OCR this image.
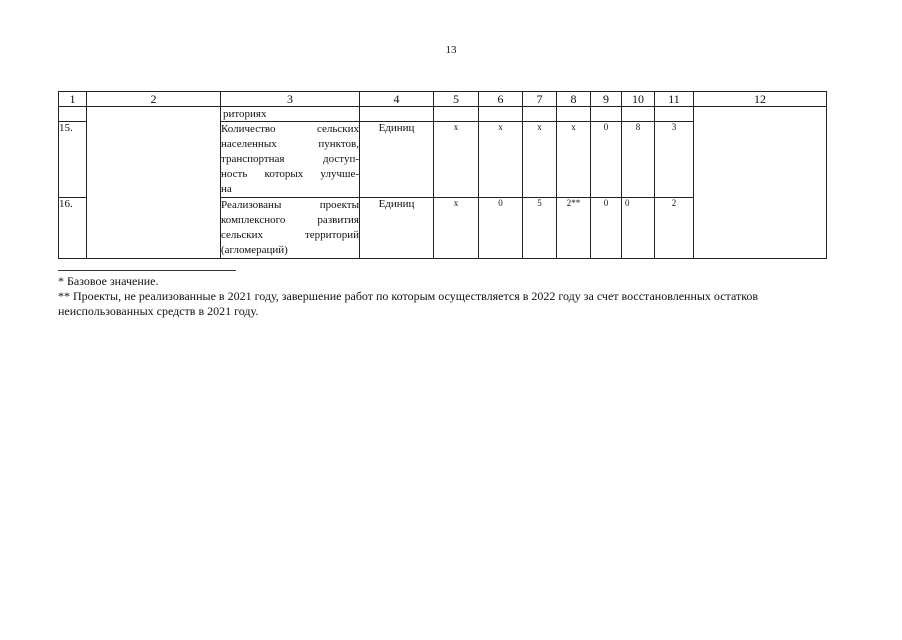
13
1	2	3	4	5	6	7	8	9	10	11	12
		риториях									
15.		Количество сельских
населенных пунктов,
транспортная доступ-
ность которых улучше-
на	Единиц	x	x	x	x	0	8	3	
16.		Реализованы проекты
комплексного развития
сельских территорий
(агломераций)	Единиц	x	0	5	2**	0	0	2	

* Базовое значение.

** Проекты, не реализованные в 2021 году, завершение работ по которым осуществляется в 2022 году за счет восстановленных остатков неиспользованных средств в 2021 году.
